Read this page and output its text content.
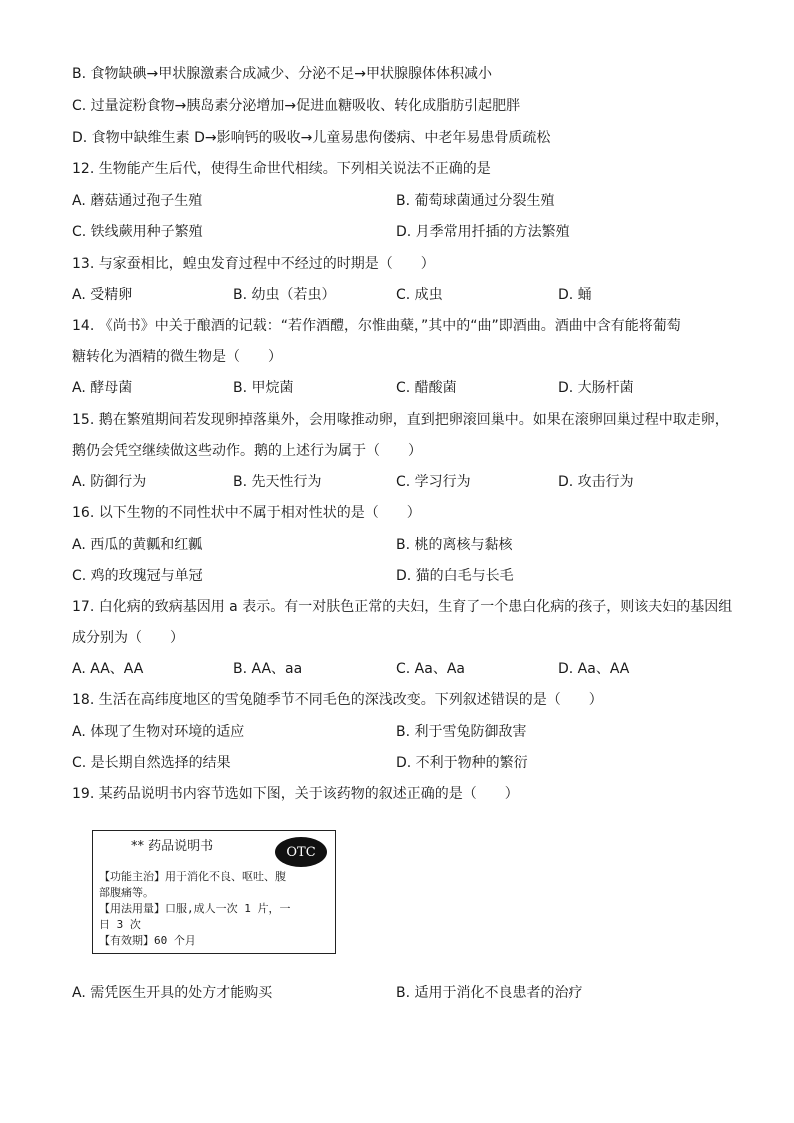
B. 食物缺碘→甲状腺激素合成减少、分泌不足→甲状腺腺体体积减小
C. 过量淀粉食物→胰岛素分泌增加→促进血糖吸收、转化成脂肪引起肥胖
D. 食物中缺维生素 D→影响钙的吸收→儿童易患佝偻病、中老年易患骨质疏松
12. 生物能产生后代，使得生命世代相续。下列相关说法不正确的是
A. 蘑菇通过孢子生殖	B. 葡萄球菌通过分裂生殖
C. 铁线蕨用种子繁殖	D. 月季常用扦插的方法繁殖
13. 与家蚕相比，蝗虫发育过程中不经过的时期是（　　）
A. 受精卵	B. 幼虫（若虫）	C. 成虫	D. 蛹
14. 《尚书》中关于酿酒的记载：“若作酒醴，尔惟曲蘖，”其中的“曲”即酒曲。酒曲中含有能将葡萄
糖转化为酒精的微生物是（　　）
A. 酵母菌	B. 甲烷菌	C. 醋酸菌	D. 大肠杆菌
15. 鹅在繁殖期间若发现卵掉落巢外，会用喙推动卵，直到把卵滚回巢中。如果在滚卵回巢过程中取走卵，
鹅仍会凭空继续做这些动作。鹅的上述行为属于（　　）
A. 防御行为	B. 先天性行为	C. 学习行为	D. 攻击行为
16. 以下生物的不同性状中不属于相对性状的是（　　）
A. 西瓜的黄瓤和红瓤	B. 桃的离核与黏核
C. 鸡的玫瑰冠与单冠	D. 猫的白毛与长毛
17. 白化病的致病基因用 a 表示。有一对肤色正常的夫妇，生育了一个患白化病的孩子，则该夫妇的基因组
成分别为（　　）
A. AA、AA	B. AA、aa	C. Aa、Aa	D. Aa、AA
18. 生活在高纬度地区的雪兔随季节不同毛色的深浅改变。下列叙述错误的是（　　）
A. 体现了生物对环境的适应	B. 利于雪兔防御敌害
C. 是长期自然选择的结果	D. 不利于物种的繁衍
19. 某药品说明书内容节选如下图，关于该药物的叙述正确的是（　　）
** 药品说明书	OTC
【功能主治】用于消化不良、呕吐、腹
部腹痛等。
【用法用量】口服,成人一次 1 片，一
日 3 次
【有效期】60 个月
A. 需凭医生开具的处方才能购买	B. 适用于消化不良患者的治疗
